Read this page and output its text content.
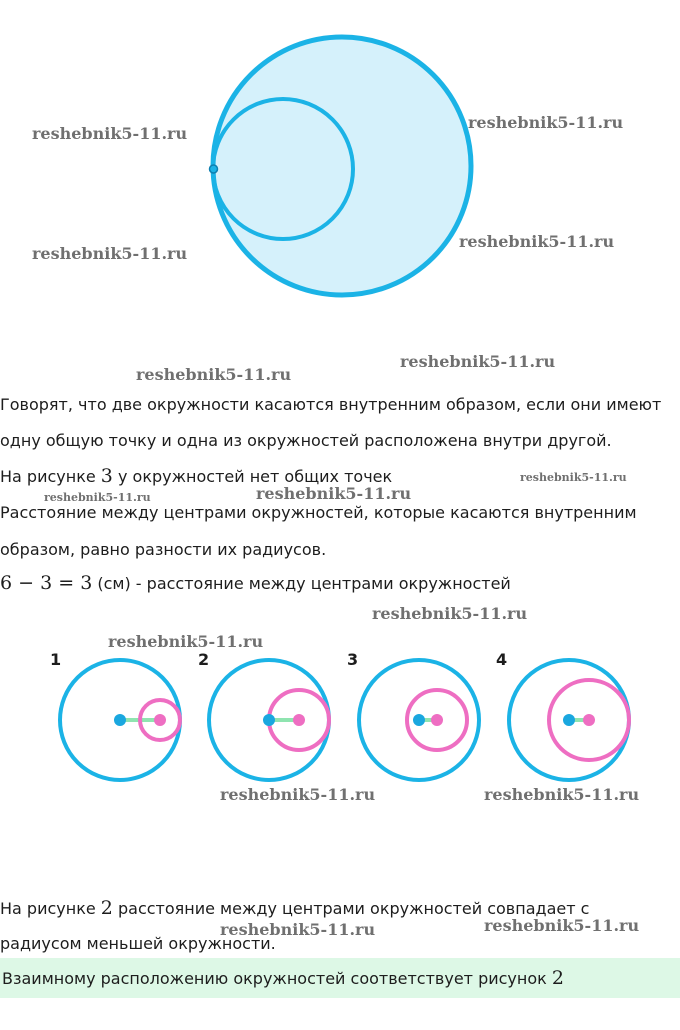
reshebnik5-11.ru
reshebnik5-11.ru
reshebnik5-11.ru
reshebnik5-11.ru
reshebnik5-11.ru
reshebnik5-11.ru
reshebnik5-11.ru
reshebnik5-11.ru	reshebnik5-11.ru
reshebnik5-11.ru
reshebnik5-11.ru
reshebnik5-11.ru	reshebnik5-11.ru
reshebnik5-11.ru	reshebnik5-11.ru
Говорят, что две окружности касаются внутренним образом, если они имеют
одну общую точку и одна из окружностей расположена внутри другой.
На рисунке 3 у окружностей нет общих точек
Расстояние между центрами окружностей, которые касаются внутренним
образом, равно разности их радиусов.
6 − 3 = 3 (см) - расстояние между центрами окружностей
1	2	3	4
На рисунке 2 расстояние между центрами окружностей совпадает с
радиусом меньшей окружности.
Взаимному расположению окружностей соответствует рисунок 2
